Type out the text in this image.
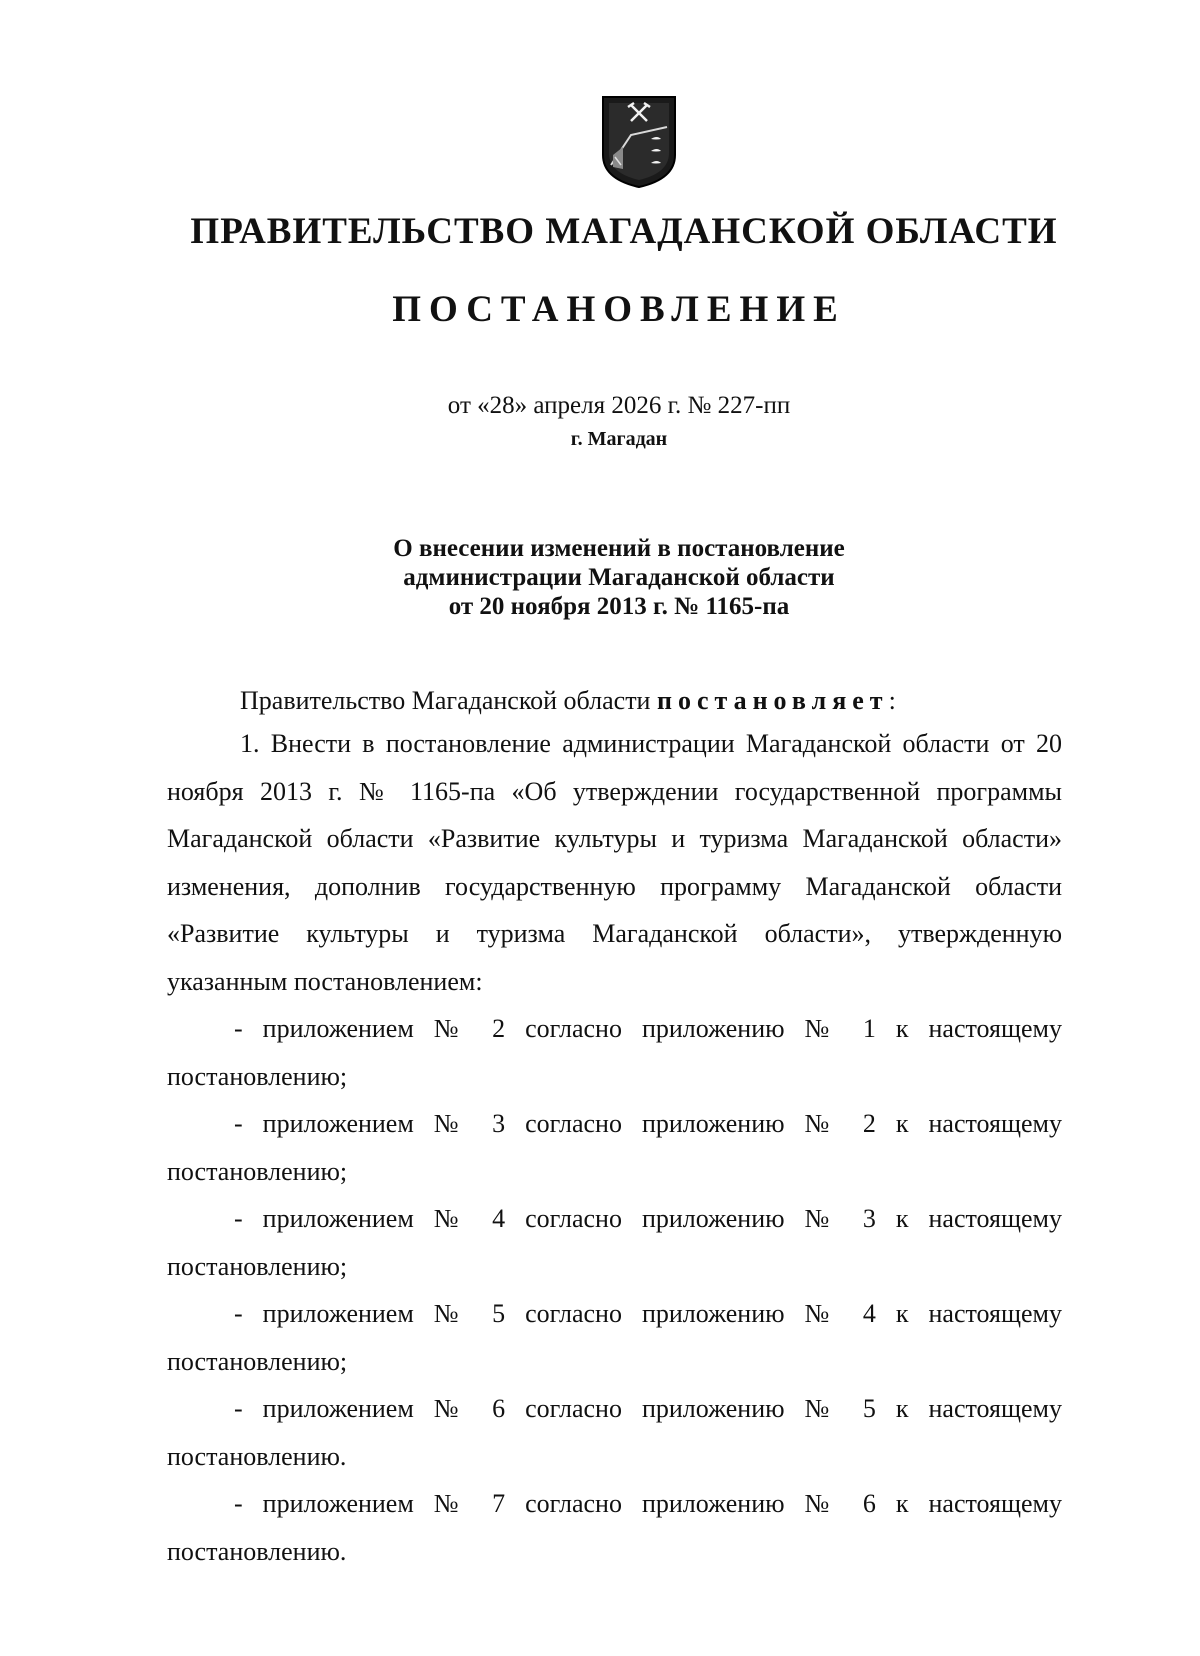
ПРАВИТЕЛЬСТВО МАГАДАНСКОЙ ОБЛАСТИ
ПОСТАНОВЛЕНИЕ
от «28» апреля 2026 г. № 227-пп
г. Магадан
О внесении изменений в постановление
администрации Магаданской области
от 20 ноября 2013 г. № 1165-па
Правительство Магаданской области постановляет:

1. Внести в постановление администрации Магаданской области от 20 ноября 2013 г. № 1165-па «Об утверждении государственной программы Магаданской области «Развитие культуры и туризма Магаданской области» изменения, дополнив государственную программу Магаданской области «Развитие культуры и туризма Магаданской области», утвержденную указанным постановлением:

- приложением № 2 согласно приложению № 1 к настоящему постановлению;

- приложением № 3 согласно приложению № 2 к настоящему постановлению;

- приложением № 4 согласно приложению № 3 к настоящему постановлению;

- приложением № 5 согласно приложению № 4 к настоящему постановлению;

- приложением № 6 согласно приложению № 5 к настоящему постановлению.

- приложением № 7 согласно приложению № 6 к настоящему постановлению.
